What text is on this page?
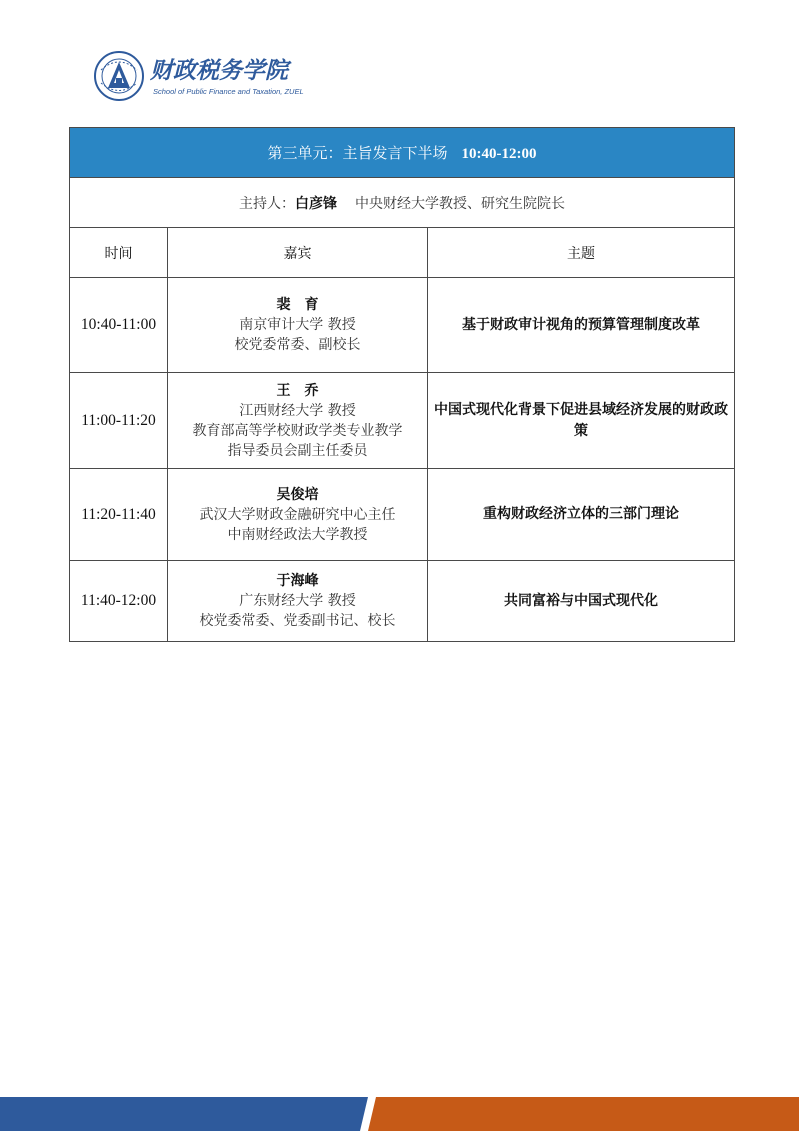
财政税务学院
School of Public Finance and Taxation, ZUEL
第三单元：主旨发言下半场 10:40-12:00		
主持人：白彦锋 中央财经大学教授、研究生院院长		
时间	嘉宾	主题
10:40-11:00	裴　育
南京审计大学 教授
校党委常委、副校长	基于财政审计视角的预算管理制度改革
11:00-11:20	王　乔
江西财经大学 教授
教育部高等学校财政学类专业教学
指导委员会副主任委员	中国式现代化背景下促进县域经济发展的财政政策
11:20-11:40	吴俊培
武汉大学财政金融研究中心主任
中南财经政法大学教授	重构财政经济立体的三部门理论
11:40-12:00	于海峰
广东财经大学 教授
校党委常委、党委副书记、校长	共同富裕与中国式现代化
